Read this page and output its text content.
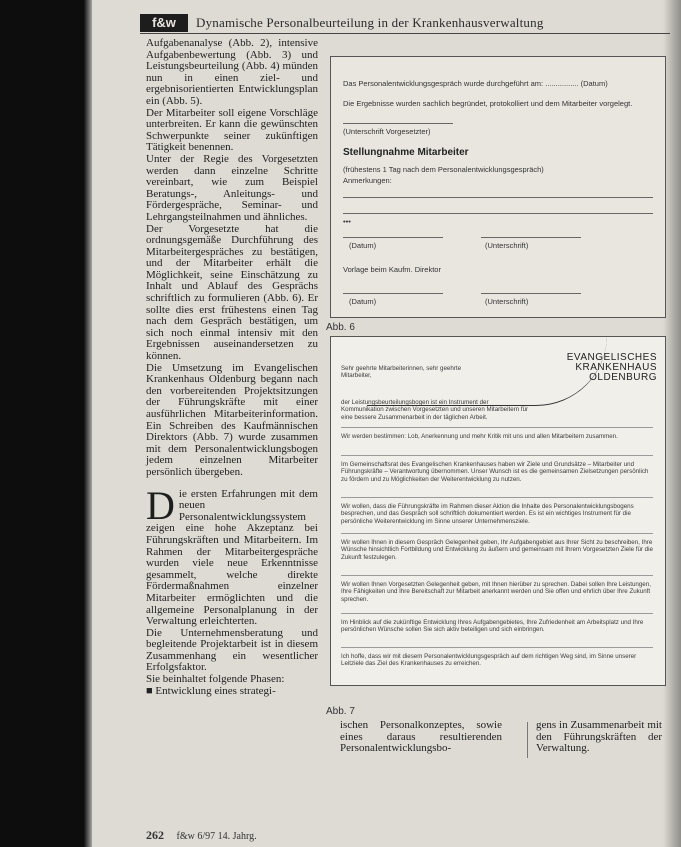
f&w	Dynamische Personalbeurteilung in der Krankenhausverwaltung

Aufgabenanalyse (Abb. 2), intensive Aufgabenbewertung (Abb. 3) und Leistungsbeurteilung (Abb. 4) münden nun in einen ziel- und ergebnisorientierten Entwicklungsplan ein (Abb. 5).

Der Mitarbeiter soll eigene Vorschläge unterbreiten. Er kann die gewünschten Schwerpunkte seiner zukünftigen Tätigkeit benennen.

Unter der Regie des Vorgesetzten werden dann einzelne Schritte vereinbart, wie zum Beispiel Beratungs-, Anleitungs- und Fördergespräche, Seminar- und Lehrgangsteilnahmen und ähnliches.

Der Vorgesetzte hat die ordnungsgemäße Durchführung des Mitarbeitergespräches zu bestätigen, und der Mitarbeiter erhält die Möglichkeit, seine Einschätzung zu Inhalt und Ablauf des Gesprächs schriftlich zu formulieren (Abb. 6). Er sollte dies erst frühestens einen Tag nach dem Gespräch bestätigen, um sich noch einmal intensiv mit den Ergebnissen auseinandersetzen zu können.

Die Umsetzung im Evangelischen Krankenhaus Oldenburg begann nach den vorbereitenden Projektsitzungen der Führungskräfte mit einer ausführlichen Mitarbeiterinformation. Ein Schreiben des Kaufmännischen Direktors (Abb. 7) wurde zusammen mit dem Personalentwicklungsbogen jedem einzelnen Mitarbeiter persönlich übergeben.

Die ersten Erfahrungen mit dem neuen Personalentwicklungssystem zeigen eine hohe Akzeptanz bei Führungskräften und Mitarbeitern. Im Rahmen der Mitarbeitergespräche wurden viele neue Erkenntnisse gesammelt, welche direkte Fördermaßnahmen einzelner Mitarbeiter ermöglichten und die allgemeine Personalplanung in der Verwaltung erleichterten.

Die Unternehmensberatung und begleitende Projektarbeit ist in diesem Zusammenhang ein wesentlicher Erfolgsfaktor.

Sie beinhaltet folgende Phasen:

■ Entwicklung eines strategi-

Das Personalentwicklungsgespräch wurde durchgeführt am: ................ (Datum)
Die Ergebnisse wurden sachlich begründet, protokolliert und dem Mitarbeiter vorgelegt.
(Unterschrift Vorgesetzter)
Stellungnahme Mitarbeiter
(frühestens 1 Tag nach dem Personalentwicklungsgespräch)
Anmerkungen:
•••
(Datum)	(Unterschrift)
Vorlage beim Kaufm. Direktor
(Datum)	(Unterschrift)
Abb. 6
EVANGELISCHES
KRANKENHAUS
OLDENBURG
Sehr geehrte Mitarbeiterinnen, sehr geehrte Mitarbeiter,
der Leistungsbeurteilungsbogen ist ein Instrument der Kommunikation zwischen Vorgesetzten und unseren Mitarbeitern für eine bessere Zusammenarbeit in der täglichen Arbeit.
Wir werden bestimmen: Lob, Anerkennung und mehr Kritik mit uns und allen Mitarbeitern zusammen.
Im Gemeinschaftsrat des Evangelischen Krankenhauses haben wir Ziele und Grundsätze – Mitarbeiter und Führungskräfte – Verantwortung übernommen. Unser Wunsch ist es die gemeinsamen Zielsetzungen persönlich zu fördern und zu Möglichkeiten der Weiterentwicklung zu nutzen.
Wir wollen, dass die Führungskräfte im Rahmen dieser Aktion die Inhalte des Personalentwicklungsbogens besprechen, und das Gespräch soll schriftlich dokumentiert werden. Es ist ein wichtiges Instrument für die persönliche Weiterentwicklung im Sinne unserer Unternehmensziele.
Wir wollen Ihnen in diesem Gespräch Gelegenheit geben, Ihr Aufgabengebiet aus Ihrer Sicht zu beschreiben, Ihre Wünsche hinsichtlich Fortbildung und Entwicklung zu äußern und gemeinsam mit Ihrem Vorgesetzten Ziele für die Zukunft festzulegen.
Wir wollen Ihnen Vorgesetzten Gelegenheit geben, mit Ihnen hierüber zu sprechen. Dabei sollen Ihre Leistungen, Ihre Fähigkeiten und Ihre Bereitschaft zur Mitarbeit anerkannt werden und Sie offen und ehrlich über Ihre Zukunft sprechen.
Im Hinblick auf die zukünftige Entwicklung Ihres Aufgabengebietes, Ihre Zufriedenheit am Arbeitsplatz und Ihre persönlichen Wünsche sollen Sie sich aktiv beteiligen und sich einbringen.
Ich hoffe, dass wir mit diesem Personalentwicklungsgespräch auf dem richtigen Weg sind, im Sinne unserer Leitziele das Ziel des Krankenhauses zu erreichen.
Abb. 7
ischen Personalkonzeptes, sowie eines daraus resultierenden Personalentwicklungsbo-
gens in Zusammenarbeit mit den Führungskräften der Verwaltung.
262 f&w 6/97 14. Jahrg.
